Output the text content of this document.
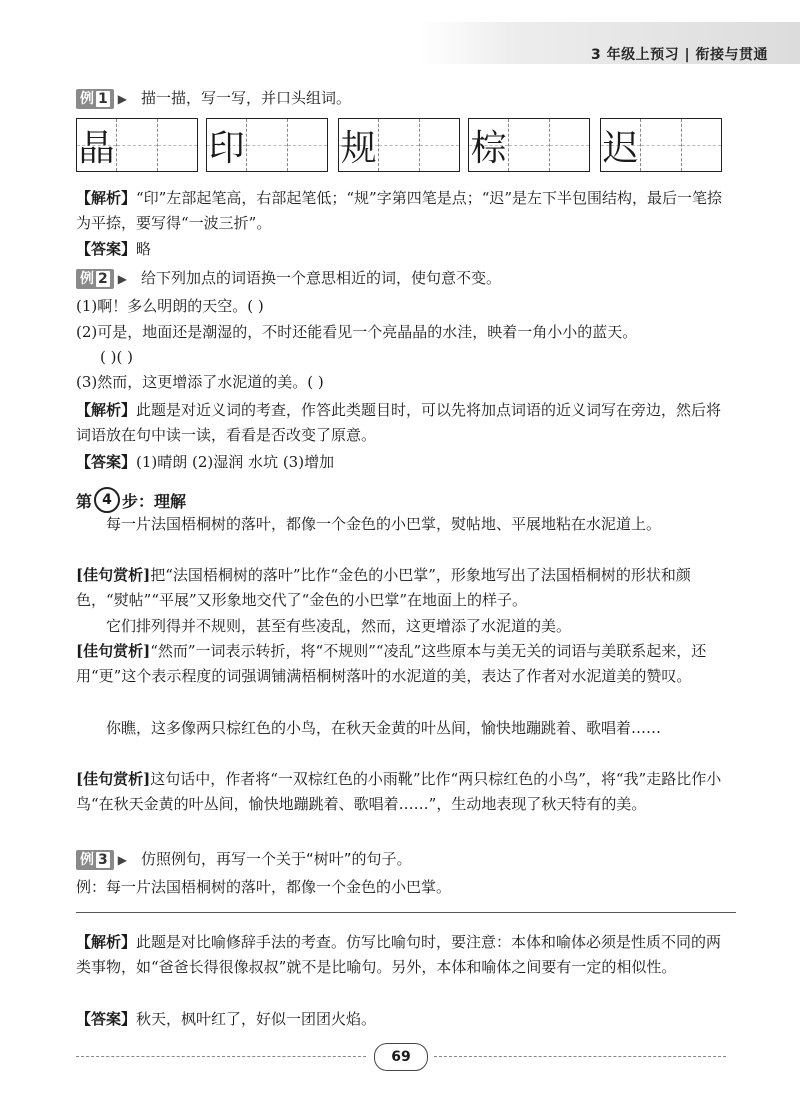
3 年级上预习 | 衔接与贯通
例 1 ▶ 描一描，写一写，并口头组词。
晶	印	规	棕	迟
【解析】“印”左部起笔高，右部起笔低；“规”字第四笔是点；“迟”是左下半包围结构，最后一笔捺为平捺，要写得“一波三折”。
【答案】略
例 2 ▶ 给下列加点的词语换一个意思相近的词，使句意不变。
(1)啊！多么明朗的天空。( )
(2)可是，地面还是潮湿的，不时还能看见一个亮晶晶的水洼，映着一角小小的蓝天。
( )( )
(3)然而，这更增添了水泥道的美。( )
【解析】此题是对近义词的考查，作答此类题目时，可以先将加点词语的近义词写在旁边，然后将词语放在句中读一读，看看是否改变了原意。
【答案】(1)晴朗 (2)湿润 水坑 (3)增加
第 4 步：理解
每一片法国梧桐树的落叶，都像一个金色的小巴掌，熨帖地、平展地粘在水泥道上。
[佳句赏析]把“法国梧桐树的落叶”比作“金色的小巴掌”，形象地写出了法国梧桐树的形状和颜色，“熨帖”“平展”又形象地交代了“金色的小巴掌”在地面上的样子。
它们排列得并不规则，甚至有些凌乱，然而，这更增添了水泥道的美。
[佳句赏析]“然而”一词表示转折，将“不规则”“凌乱”这些原本与美无关的词语与美联系起来，还用“更”这个表示程度的词强调铺满梧桐树落叶的水泥道的美，表达了作者对水泥道美的赞叹。
你瞧，这多像两只棕红色的小鸟，在秋天金黄的叶丛间，愉快地蹦跳着、歌唱着……
[佳句赏析]这句话中，作者将“一双棕红色的小雨靴”比作“两只棕红色的小鸟”，将“我”走路比作小鸟“在秋天金黄的叶丛间，愉快地蹦跳着、歌唱着……”，生动地表现了秋天特有的美。
例 3 ▶ 仿照例句，再写一个关于“树叶”的句子。
例：每一片法国梧桐树的落叶，都像一个金色的小巴掌。
【解析】此题是对比喻修辞手法的考查。仿写比喻句时，要注意：本体和喻体必须是性质不同的两类事物，如“爸爸长得很像叔叔”就不是比喻句。另外，本体和喻体之间要有一定的相似性。
【答案】秋天，枫叶红了，好似一团团火焰。
69
